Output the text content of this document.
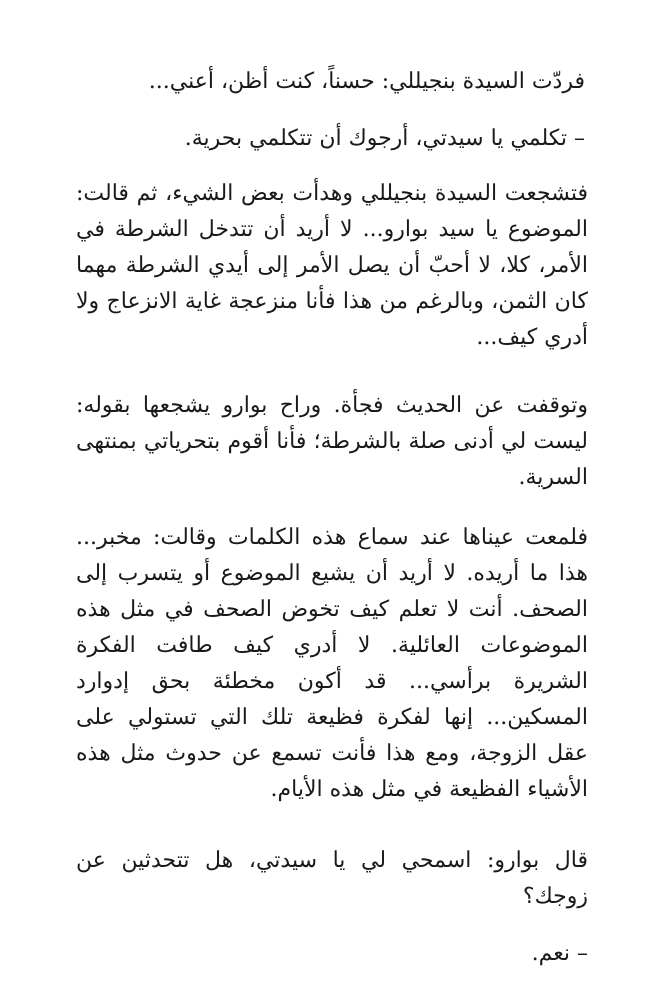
فردّت السيدة بنجيللي: حسناً، كنت أظن، أعني...

– تكلمي يا سيدتي، أرجوك أن تتكلمي بحرية.

فتشجعت السيدة بنجيللي وهدأت بعض الشيء، ثم قالت: الموضوع يا سيد بوارو... لا أريد أن تتدخل الشرطة في الأمر، كلا، لا أحبّ أن يصل الأمر إلى أيدي الشرطة مهما كان الثمن، وبالرغم من هذا فأنا منزعجة غاية الانزعاج ولا أدري كيف...

وتوقفت عن الحديث فجأة. وراح بوارو يشجعها بقوله: ليست لي أدنى صلة بالشرطة؛ فأنا أقوم بتحرياتي بمنتهى السرية.

فلمعت عيناها عند سماع هذه الكلمات وقالت: مخبر... هذا ما أريده. لا أريد أن يشيع الموضوع أو يتسرب إلى الصحف. أنت لا تعلم كيف تخوض الصحف في مثل هذه الموضوعات العائلية. لا أدري كيف طافت الفكرة الشريرة برأسي... قد أكون مخطئة بحق إدوارد المسكين... إنها لفكرة فظيعة تلك التي تستولي على عقل الزوجة، ومع هذا فأنت تسمع عن حدوث مثل هذه الأشياء الفظيعة في مثل هذه الأيام.

قال بوارو: اسمحي لي يا سيدتي، هل تتحدثين عن زوجك؟

– نعم.
